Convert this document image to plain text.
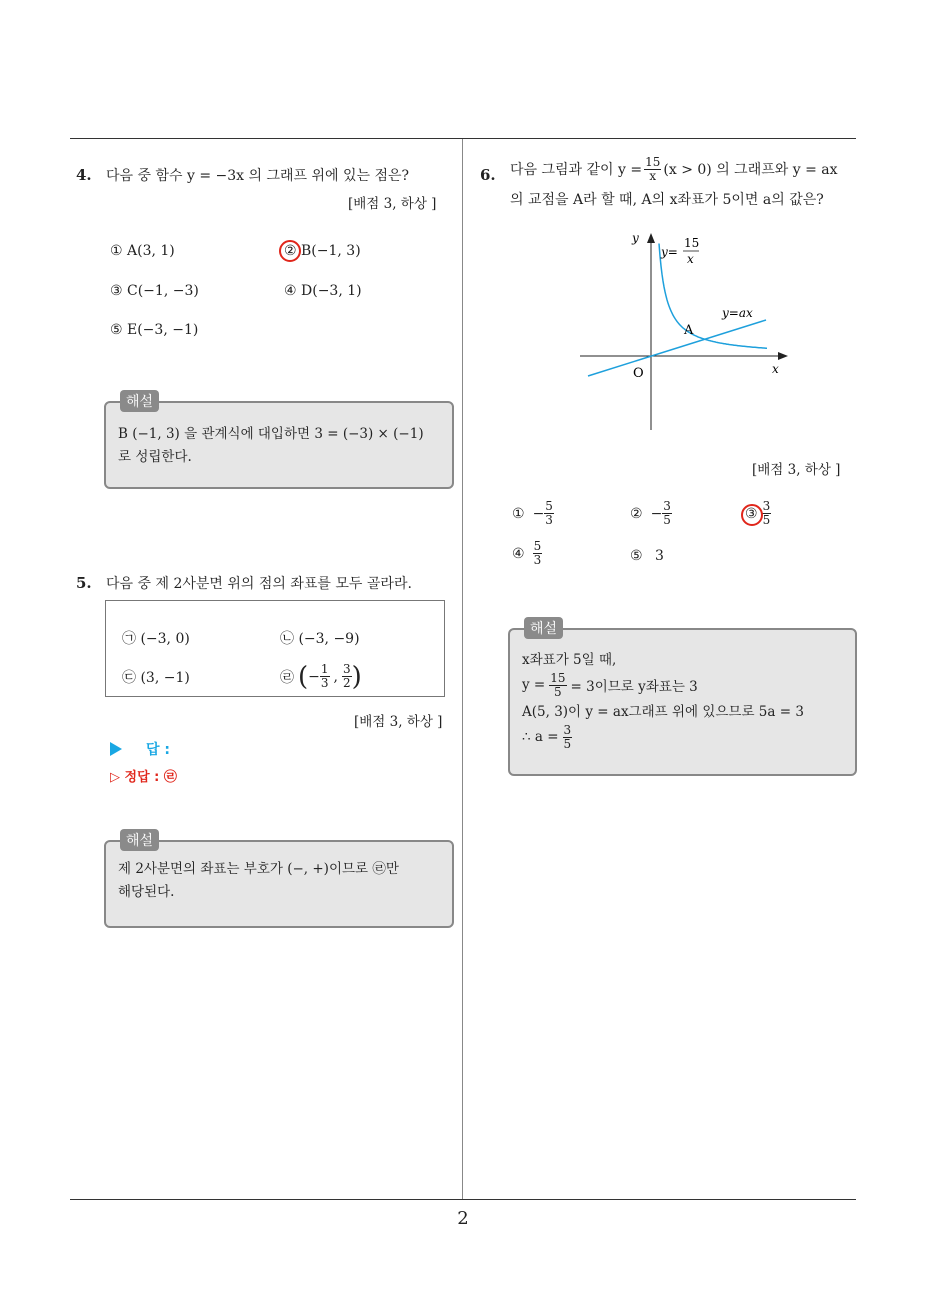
2
4. 다음 중 함수 y = −3x 의 그래프 위에 있는 점은?
[배점 3, 하상 ]
① A(3, 1)	② B(−1, 3)
③ C(−1, −3)	④ D(−3, 1)
⑤ E(−3, −1)
해설
B (−1, 3) 을 관계식에 대입하면 3 = (−3) × (−1)
로 성립한다.
5. 다음 중 제 2사분면 위의 점의 좌표를 모두 골라라.
㉠ (−3, 0)	㉡ (−3, −9)
㉢ (3, −1)	㉣ ( − $\frac{1}{3}$ , $\frac{3}{2}$ )
[배점 3, 하상 ]
답 :
▷ 정답 : ㉣
해설
제 2사분면의 좌표는 부호가 (−, +)이므로 ㉣만
해당된다.
6. 다음 그림과 같이 $y = \frac{15}{x} (x > 0)$ 의 그래프와 y = ax
의 교점을 A라 할 때, A의 x좌표가 5이면 a의 값은?
y
x
O
A
y=ax
y=
15
x
[배점 3, 하상 ]
① − $\frac{5}{3}$	② − $\frac{3}{5}$	③ $\frac{3}{5}$
④ $\frac{5}{3}$	⑤ 3
해설
x좌표가 5일 때,
$y = \frac{15}{5} = 3$이므로 y좌표는 3
A(5, 3)이 y = ax그래프 위에 있으므로 5a = 3
∴ $a = \frac{3}{5}$
